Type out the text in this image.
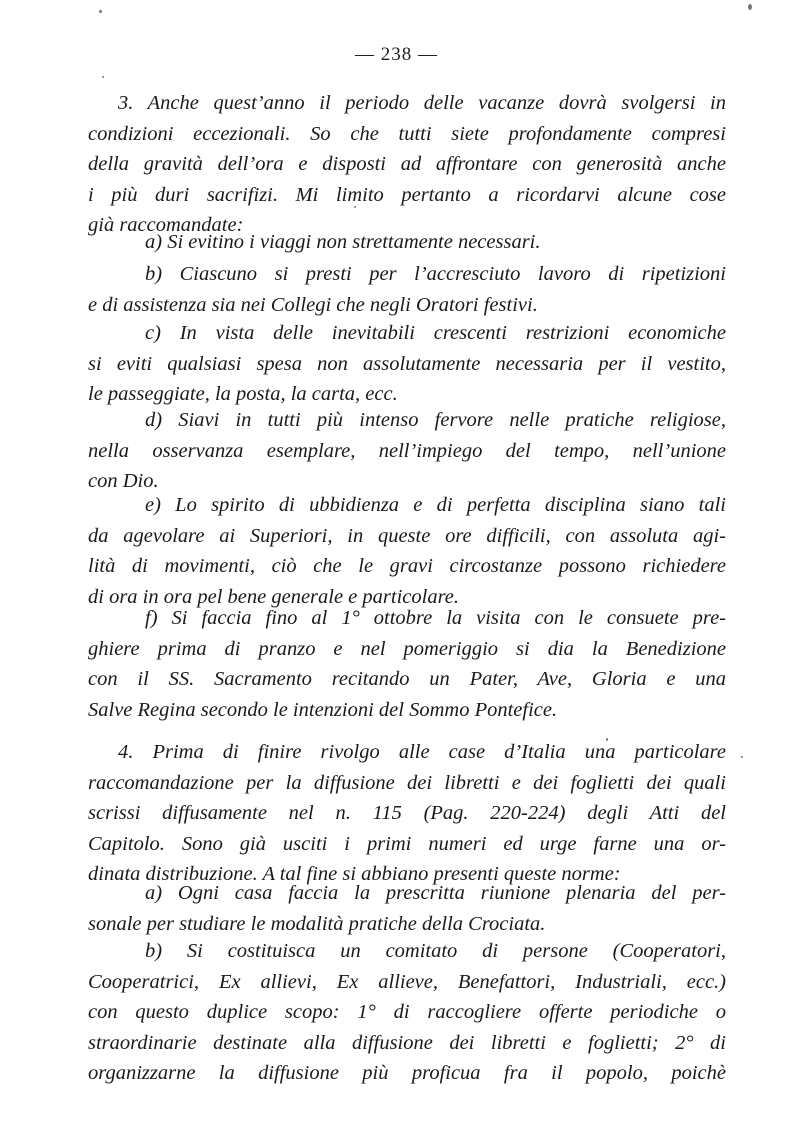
— 238 —
3. Anche quest’anno il periodo delle vacanze dovrà svolgersi in
condizioni eccezionali. So che tutti siete profondamente compresi
della gravità dell’ora e disposti ad affrontare con generosità anche
i più duri sacrifizi. Mi limito pertanto a ricordarvi alcune cose
già raccomandate:
a) Si evitino i viaggi non strettamente necessari.
b) Ciascuno si presti per l’accresciuto lavoro di ripetizioni
e di assistenza sia nei Collegi che negli Oratori festivi.
c) In vista delle inevitabili crescenti restrizioni economiche
si eviti qualsiasi spesa non assolutamente necessaria per il vestito,
le passeggiate, la posta, la carta, ecc.
d) Siavi in tutti più intenso fervore nelle pratiche religiose,
nella osservanza esemplare, nell’impiego del tempo, nell’unione
con Dio.
e) Lo spirito di ubbidienza e di perfetta disciplina siano tali
da agevolare ai Superiori, in queste ore difficili, con assoluta agi-
lità di movimenti, ciò che le gravi circostanze possono richiedere
di ora in ora pel bene generale e particolare.
f) Si faccia fino al 1° ottobre la visita con le consuete pre-
ghiere prima di pranzo e nel pomeriggio si dia la Benedizione
con il SS. Sacramento recitando un Pater, Ave, Gloria e una
Salve Regina secondo le intenzioni del Sommo Pontefice.
4. Prima di finire rivolgo alle case d’Italia una particolare
raccomandazione per la diffusione dei libretti e dei foglietti dei quali
scrissi diffusamente nel n. 115 (Pag. 220-224) degli Atti del
Capitolo. Sono già usciti i primi numeri ed urge farne una or-
dinata distribuzione. A tal fine si abbiano presenti queste norme:
a) Ogni casa faccia la prescritta riunione plenaria del per-
sonale per studiare le modalità pratiche della Crociata.
b) Si costituisca un comitato di persone (Cooperatori,
Cooperatrici, Ex allievi, Ex allieve, Benefattori, Industriali, ecc.)
con questo duplice scopo: 1° di raccogliere offerte periodiche o
straordinarie destinate alla diffusione dei libretti e foglietti; 2° di
organizzarne la diffusione più proficua fra il popolo, poichè
